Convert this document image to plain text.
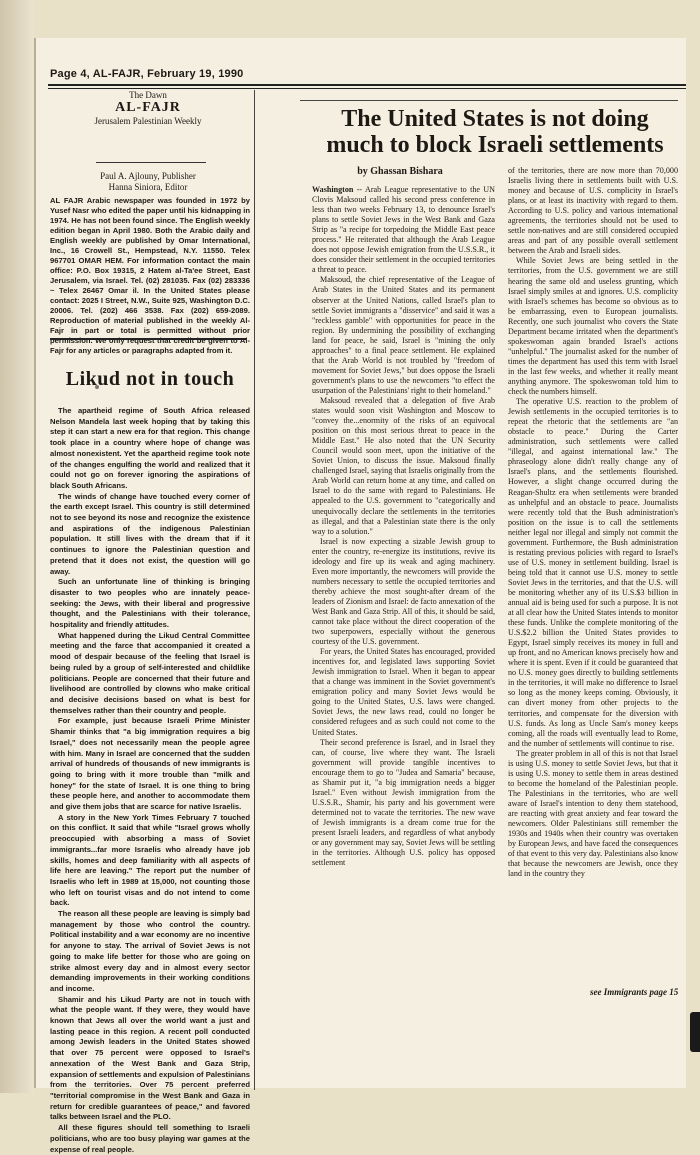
Page 4, AL-FAJR, February 19, 1990
The Dawn
AL-FAJR
Jerusalem Palestinian Weekly
Paul A. Ajlouny, Publisher
Hanna Siniora, Editor
AL FAJR Arabic newspaper was founded in 1972 by Yusef Nasr who edited the paper until his kidnapping in 1974. He has not been found since. The English weekly edition began in April 1980. Both the Arabic daily and English weekly are published by Omar International, Inc., 16 Crowell St., Hempstead, N.Y. 11550. Telex 967701 OMAR HEM. For information contact the main office: P.O. Box 19315, 2 Hatem al-Ta'ee Street, East Jerusalem, via Israel. Tel. (02) 281035. Fax (02) 283336 ~ Telex 26467 Omar il. In the United States please contact: 2025 I Street, N.W., Suite 925, Washington D.C. 20006. Tel. (202) 466 3538. Fax (202) 659-2089. Reproduction of material published in the weekly Al-Fajr in part or total is permitted without prior permission. We only request that credit be given to Al-Fajr for any articles or paragraphs adapted from it.
Likud not in touch

The apartheid regime of South Africa released Nelson Mandela last week hoping that by taking this step it can start a new era for that region. This change took place in a country where hope of change was almost nonexistent. Yet the apartheid regime took note of the changes engulfing the world and realized that it could not go on forever ignoring the aspirations of black South Africans.

The winds of change have touched every corner of the earth except Israel. This country is still determined not to see beyond its nose and recognize the existence and aspirations of the indigenous Palestinian population. It still lives with the dream that if it continues to ignore the Palestinian question and pretend that it does not exist, the question will go away.

Such an unfortunate line of thinking is bringing disaster to two peoples who are innately peace-seeking: the Jews, with their liberal and progressive thought, and the Palestinians with their tolerance, hospitality and friendly attitudes.

What happened during the Likud Central Committee meeting and the farce that accompanied it created a mood of despair because of the feeling that Israel is being ruled by a group of self-interested and childlike politicians. People are concerned that their future and livelihood are controlled by clowns who make critical and decisive decisions based on what is best for themselves rather than their country and people.

For example, just because Israeli Prime Minister Shamir thinks that "a big immigration requires a big Israel," does not necessarily mean the people agree with him. Many in Israel are concerned that the sudden arrival of hundreds of thousands of new immigrants is going to bring with it more trouble than "milk and honey" for the state of Israel. It is one thing to bring these people here, and another to accommodate them and give them jobs that are scarce for native Israelis.

A story in the New York Times February 7 touched on this conflict. It said that while "Israel grows wholly preoccupied with absorbing a mass of Soviet immigrants...far more Israelis who already have job skills, homes and deep familiarity with all aspects of life here are leaving." The report put the number of Israelis who left in 1989 at 15,000, not counting those who left on tourist visas and do not intend to come back.

The reason all these people are leaving is simply bad management by those who control the country. Political instability and a war economy are no incentive for anyone to stay. The arrival of Soviet Jews is not going to make life better for those who are going on strike almost every day and in almost every sector demanding improvements in their working conditions and income.

Shamir and his Likud Party are not in touch with what the people want. If they were, they would have known that Jews all over the world want a just and lasting peace in this region. A recent poll conducted among Jewish leaders in the United States showed that over 75 percent were opposed to Israel's annexation of the West Bank and Gaza Strip, expansion of settlements and expulsion of Palestinians from the territories. Over 75 percent preferred "territorial compromise in the West Bank and Gaza in return for credible guarantees of peace," and favored talks between Israel and the PLO.

All these figures should tell something to Israeli politicians, who are too busy playing war games at the expense of real people.

The United States is not doing much to block Israeli settlements
by Ghassan Bishara

Washington -- Arab League representative to the UN Clovis Maksoud called his second press conference in less than two weeks February 13, to denounce Israel's plans to settle Soviet Jews in the West Bank and Gaza Strip as "a recipe for torpedoing the Middle East peace process." He reiterated that although the Arab League does not oppose Jewish emigration from the U.S.S.R., it does consider their settlement in the occupied territories a threat to peace.

Maksoud, the chief representative of the League of Arab States in the United States and its permanent observer at the United Nations, called Israel's plan to settle Soviet immigrants a "disservice" and said it was a "reckless gamble" with opportunities for peace in the region. By undermining the possibility of exchanging land for peace, he said, Israel is "mining the only approaches" to a final peace settlement. He explained that the Arab World is not troubled by "freedom of movement for Soviet Jews," but does oppose the Israeli government's plans to use the newcomers "to effect the usurpation of the Palestinians' right to their homeland."

Maksoud revealed that a delegation of five Arab states would soon visit Washington and Moscow to "convey the...enormity of the risks of an equivocal position on this most serious threat to peace in the Middle East." He also noted that the UN Security Council would soon meet, upon the initiative of the Soviet Union, to discuss the issue. Maksoud finally challenged Israel, saying that Israelis originally from the Arab World can return home at any time, and called on Israel to do the same with regard to Palestinians. He appealed to the U.S. government to "categorically and unequivocally declare the settlements in the territories as illegal, and that a Palestinian state there is the only way to a solution."

Israel is now expecting a sizable Jewish group to enter the country, re-energize its institutions, revive its ideology and fire up its weak and aging machinery. Even more importantly, the newcomers will provide the numbers necessary to settle the occupied territories and thereby achieve the most sought-after dream of the leaders of Zionism and Israel: de facto annexation of the West Bank and Gaza Strip. All of this, it should be said, cannot take place without the direct cooperation of the two superpowers, especially without the generous courtesy of the U.S. government.

For years, the United States has encouraged, provided incentives for, and legislated laws supporting Soviet Jewish immigration to Israel. When it began to appear that a change was imminent in the Soviet government's emigration policy and many Soviet Jews would be going to the United States, U.S. laws were changed. Soviet Jews, the new laws read, could no longer be considered refugees and as such could not come to the United States.

Their second preference is Israel, and in Israel they can, of course, live where they want. The Israeli government will provide tangible incentives to encourage them to go to "Judea and Samaria" because, as Shamir put it, "a big immigration needs a bigger Israel." Even without Jewish immigration from the U.S.S.R., Shamir, his party and his government were determined not to vacate the territories. The new wave of Jewish immigrants is a dream come true for the present Israeli leaders, and regardless of what anybody or any government may say, Soviet Jews will be settling in the territories. Although U.S. policy has opposed settlement

of the territories, there are now more than 70,000 Israelis living there in settlements built with U.S. money and because of U.S. complicity in Israel's plans, or at least its inactivity with regard to them. According to U.S. policy and various international agreements, the territories should not be used to settle non-natives and are still considered occupied areas and part of any possible overall settlement between the Arab and Israeli sides.

While Soviet Jews are being settled in the territories, from the U.S. government we are still hearing the same old and useless grunting, which Israel simply smiles at and ignores. U.S. complicity with Israel's schemes has become so obvious as to be embarrassing, even to European journalists. Recently, one such journalist who covers the State Department became irritated when the department's spokeswoman again branded Israel's actions "unhelpful." The journalist asked for the number of times the department has used this term with Israel in the last few weeks, and whether it really meant anything anymore. The spokeswoman told him to check the numbers himself.

The operative U.S. reaction to the problem of Jewish settlements in the occupied territories is to repeat the rhetoric that the settlements are "an obstacle to peace." During the Carter administration, such settlements were called "illegal, and against international law." The phraseology alone didn't really change any of Israel's plans, and the settlements flourished. However, a slight change occurred during the Reagan-Shultz era when settlements were branded as unhelpful and an obstacle to peace. Journalists were recently told that the Bush administration's position on the issue is to call the settlements neither legal nor illegal and simply not commit the government. Furthermore, the Bush administration is restating previous policies with regard to Israel's use of U.S. money in settlement building. Israel is being told that it cannot use U.S. money to settle Soviet Jews in the territories, and that the U.S. will be monitoring whether any of its U.S.$3 billion in annual aid is being used for such a purpose. It is not at all clear how the United States intends to monitor these funds. Unlike the complete monitoring of the U.S.$2.2 billion the United States provides to Egypt, Israel simply receives its money in full and up front, and no American knows precisely how and where it is spent. Even if it could be guaranteed that no U.S. money goes directly to building settlements in the territories, it will make no difference to Israel so long as the money keeps coming. Obviously, it can divert money from other projects to the territories, and compensate for the diversion with U.S. funds. As long as Uncle Sam's money keeps coming, all the roads will eventually lead to Rome, and the number of settlements will continue to rise.

The greater problem in all of this is not that Israel is using U.S. money to settle Soviet Jews, but that it is using U.S. money to settle them in areas destined to become the homeland of the Palestinian people. The Palestinians in the territories, who are well aware of Israel's intention to deny them statehood, are reacting with great anxiety and fear toward the newcomers. Older Palestinians still remember the 1930s and 1940s when their country was overtaken by European Jews, and have faced the consequences of that event to this very day. Palestinians also know that because the newcomers are Jewish, once they land in the country they

see Immigrants page 15
